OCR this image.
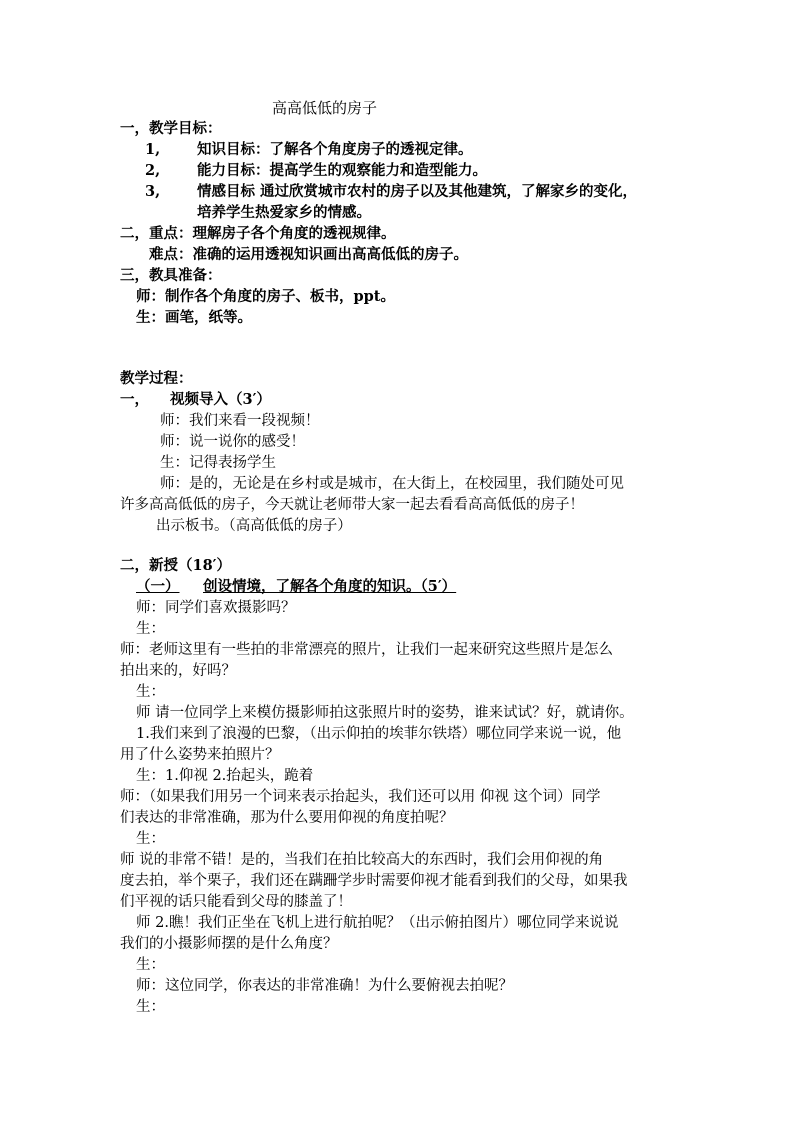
高高低低的房子
一，教学目标：
1,	知识目标：了解各个角度房子的透视定律。
2,	能力目标：提高学生的观察能力和造型能力。
3,	情感目标 通过欣赏城市农村的房子以及其他建筑，了解家乡的变化，
培养学生热爱家乡的情感。
二，重点：理解房子各个角度的透视规律。
难点：准确的运用透视知识画出高高低低的房子。
三，教具准备：
师：制作各个角度的房子、板书，ppt。
生：画笔，纸等。
教学过程：
一， 视频导入（3′）
师：我们来看一段视频！
师：说一说你的感受！
生：记得表扬学生
师：是的，无论是在乡村或是城市，在大街上，在校园里，我们随处可见
许多高高低低的房子，今天就让老师带大家一起去看看高高低低的房子！
出示板书。（高高低低的房子）
二，新授（18′）
（一） 创设情境，了解各个角度的知识。（5′）
师：同学们喜欢摄影吗？
生：
师：老师这里有一些拍的非常漂亮的照片，让我们一起来研究这些照片是怎么
拍出来的，好吗？
生：
师 请一位同学上来模仿摄影师拍这张照片时的姿势，谁来试试？好，就请你。
1.我们来到了浪漫的巴黎，（出示仰拍的埃菲尔铁塔）哪位同学来说一说，他
用了什么姿势来拍照片？
生：1.仰视 2.抬起头，跪着
师：（如果我们用另一个词来表示抬起头，我们还可以用 仰视 这个词）同学
们表达的非常准确，那为什么要用仰视的角度拍呢？
生：
师 说的非常不错！是的，当我们在拍比较高大的东西时，我们会用仰视的角
度去拍，举个栗子，我们还在蹒跚学步时需要仰视才能看到我们的父母，如果我
们平视的话只能看到父母的膝盖了！
师 2.瞧！我们正坐在飞机上进行航拍呢？（出示俯拍图片）哪位同学来说说
我们的小摄影师摆的是什么角度？
生：
师：这位同学，你表达的非常准确！为什么要俯视去拍呢？
生：
